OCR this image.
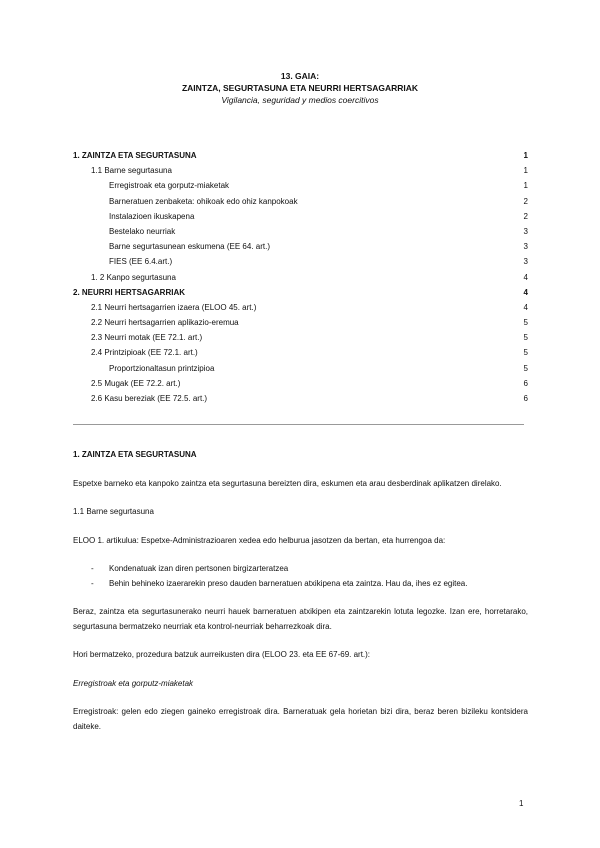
13. GAIA:
ZAINTZA, SEGURTASUNA ETA NEURRI HERTSAGARRIAK
Vigilancia, seguridad y medios coercitivos
1. ZAINTZA ETA SEGURTASUNA	1
1.1 Barne segurtasuna	1
Erregistroak eta gorputz-miaketak	1
Barneratuen zenbaketa: ohikoak edo ohiz kanpokoak	2
Instalazioen ikuskapena	2
Bestelako neurriak	3
Barne segurtasunean eskumena (EE 64. art.)	3
FIES (EE 6.4.art.)	3
1. 2 Kanpo segurtasuna	4
2. NEURRI HERTSAGARRIAK	4
2.1 Neurri hertsagarrien izaera (ELOO 45. art.)	4
2.2 Neurri hertsagarrien aplikazio-eremua	5
2.3 Neurri motak (EE 72.1. art.)	5
2.4 Printzipioak (EE 72.1. art.)	5
Proportzionaltasun printzipioa	5
2.5 Mugak (EE 72.2. art.)	6
2.6 Kasu bereziak (EE 72.5. art.)	6

1. ZAINTZA ETA SEGURTASUNA

Espetxe barneko eta kanpoko zaintza eta segurtasuna bereizten dira, eskumen eta arau desberdinak aplikatzen direlako.

1.1 Barne segurtasuna

ELOO 1. artikulua: Espetxe-Administrazioaren xedea edo helburua jasotzen da bertan, eta hurrengoa da:

- Kondenatuak izan diren pertsonen birgizarteratzea

- Behin behineko izaerarekin preso dauden barneratuen atxikipena eta zaintza. Hau da, ihes ez egitea.

Beraz, zaintza eta segurtasunerako neurri hauek barneratuen atxikipen eta zaintzarekin lotuta legozke. Izan ere, horretarako, segurtasuna bermatzeko neurriak eta kontrol-neurriak beharrezkoak dira.

Hori bermatzeko, prozedura batzuk aurreikusten dira (ELOO 23. eta EE 67-69. art.):

Erregistroak eta gorputz-miaketak

Erregistroak: gelen edo ziegen gaineko erregistroak dira. Barneratuak gela horietan bizi dira, beraz beren bizileku kontsidera daiteke.

1
